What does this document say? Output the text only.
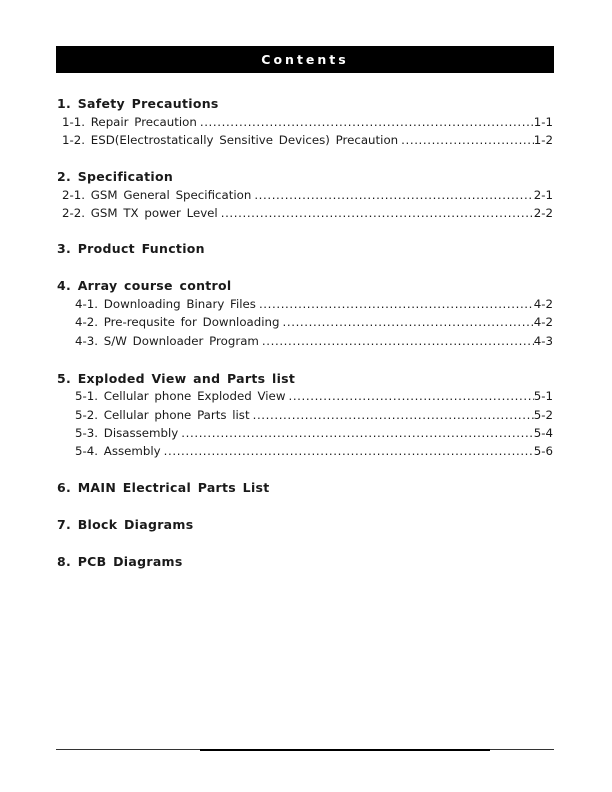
Contents
1. Safety Precautions
1-1. Repair Precaution .....	1-1
1-2. ESD(Electrostatically Sensitive Devices) Precaution .....	1-2
2. Specification
2-1. GSM General Specification .....	2-1
2-2. GSM TX power Level .....	2-2
3. Product Function
4. Array course control
4-1. Downloading Binary Files .....	4-2
4-2. Pre-requsite for Downloading .....	4-2
4-3. S/W Downloader Program .....	4-3
5. Exploded View and Parts list
5-1. Cellular phone Exploded View .....	5-1
5-2. Cellular phone Parts list .....	5-2
5-3. Disassembly .....	5-4
5-4. Assembly .....	5-6
6. MAIN Electrical Parts List
7. Block Diagrams
8. PCB Diagrams
